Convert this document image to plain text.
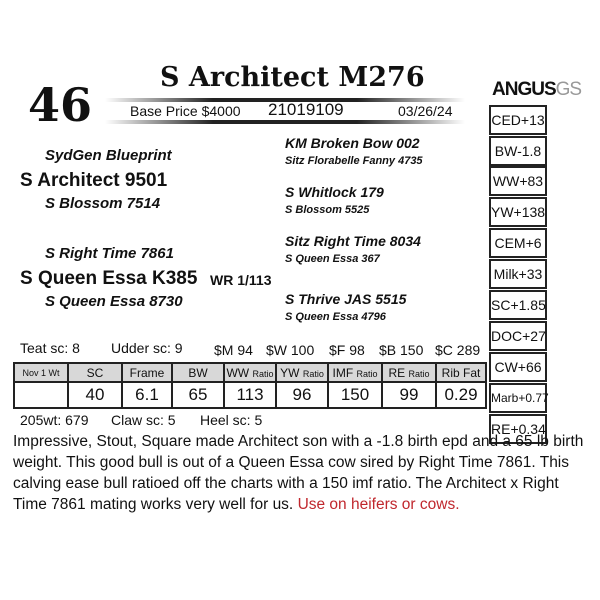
46
S Architect M276
Base Price $4000 21019109	03/26/24
ANGUSGS
SydGen Blueprint
S Architect 9501
S Blossom 7514
S Right Time 7861
S Queen Essa K385 WR 1/113
S Queen Essa 8730
KM Broken Bow 002
Sitz Florabelle Fanny 4735
S Whitlock 179
S Blossom 5525
Sitz Right Time 8034
S Queen Essa 367
S Thrive JAS 5515
S Queen Essa 4796
CED+13
BW-1.8
WW+83
YW+138
CEM+6
Milk+33
SC+1.85
DOC+27
CW+66
Marb+0.77
RE+0.34
Teat sc: 8 Udder sc: 9 $M 94 $W 100 $F 98 $B 150 $C 289
Nov 1 Wt	SC	Frame	BW	WW Ratio	YW Ratio	IMF Ratio	RE Ratio	Rib Fat
	40	6.1	65	113	96	150	99	0.29
205wt: 679 Claw sc: 5 Heel sc: 5
Impressive, Stout, Square made Architect son with a -1.8 birth epd and a 65 lb birth weight. This good bull is out of a Queen Essa cow sired by Right Time 7861. This calving ease bull ratioed off the charts with a 150 imf ratio. The Architect x Right Time 7861 mating works very well for us. Use on heifers or cows.
